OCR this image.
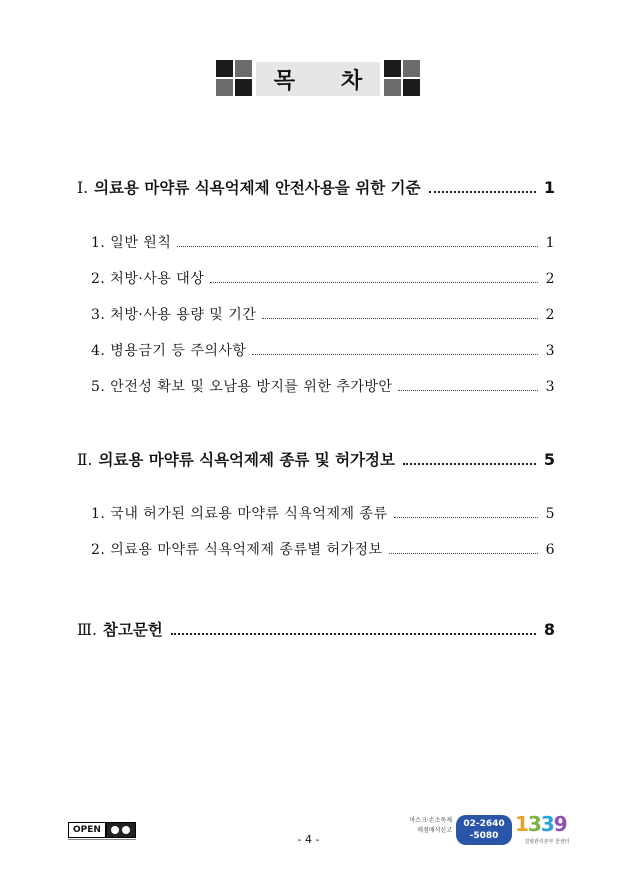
목 차
Ⅰ. 의료용 마약류 식욕억제제 안전사용을 위한 기준	1
1. 일반 원칙	1
2. 처방·사용 대상	2
3. 처방·사용 용량 및 기간	2
4. 병용금기 등 주의사항	3
5. 안전성 확보 및 오남용 방지를 위한 추가방안	3
Ⅱ. 의료용 마약류 식욕억제제 종류 및 허가정보	5
1. 국내 허가된 의료용 마약류 식욕억제제 종류	5
2. 의료용 마약류 식욕억제제 종류별 허가정보	6
Ⅲ. 참고문헌	8
OPEN
- 4 -
마스크·손소독제
매점매석신고
02-2640
-5080 1339
질병관리본부 콜센터
